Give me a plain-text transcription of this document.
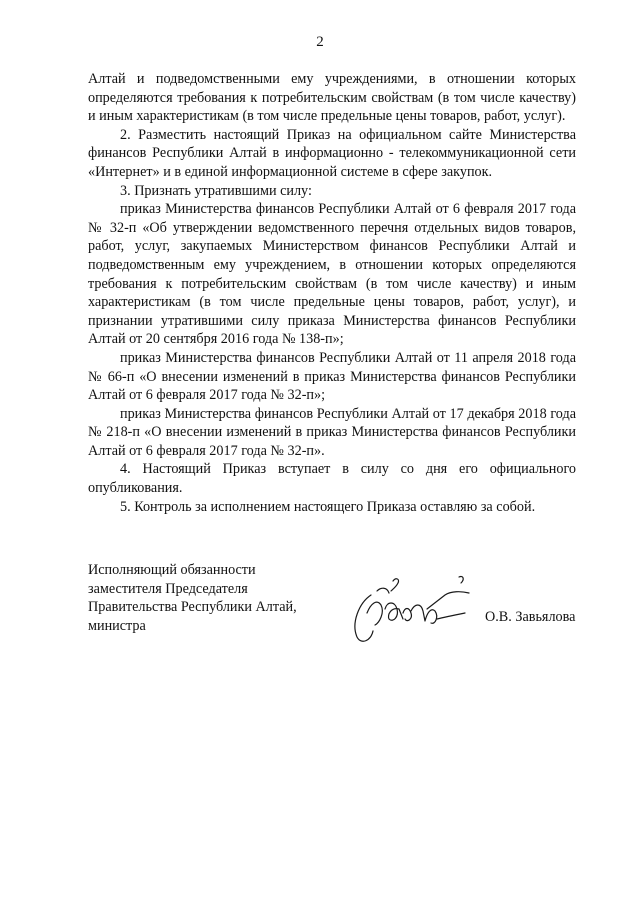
2

Алтай и подведомственными ему учреждениями, в отношении которых определяются требования к потребительским свойствам (в том числе качеству) и иным характеристикам (в том числе предельные цены товаров, работ, услуг).

2. Разместить настоящий Приказ на официальном сайте Министерства финансов Республики Алтай в информационно - телекоммуникационной сети «Интернет» и в единой информационной системе в сфере закупок.

3. Признать утратившими силу:

приказ Министерства финансов Республики Алтай от 6 февраля 2017 года № 32-п «Об утверждении ведомственного перечня отдельных видов товаров, работ, услуг, закупаемых Министерством финансов Республики Алтай и подведомственным ему учреждением, в отношении которых определяются требования к потребительским свойствам (в том числе качеству) и иным характеристикам (в том числе предельные цены товаров, работ, услуг), и признании утратившими силу приказа Министерства финансов Республики Алтай от 20 сентября 2016 года № 138-п»;

приказ Министерства финансов Республики Алтай от 11 апреля 2018 года № 66-п «О внесении изменений в приказ Министерства финансов Республики Алтай от 6 февраля 2017 года № 32-п»;

приказ Министерства финансов Республики Алтай от 17 декабря 2018 года № 218-п «О внесении изменений в приказ Министерства финансов Республики Алтай от 6 февраля 2017 года № 32-п».

4. Настоящий Приказ вступает в силу со дня его официального опубликования.

5. Контроль за исполнением настоящего Приказа оставляю за собой.

Исполняющий обязанности
заместителя Председателя
Правительства Республики Алтай,
министра
О.В. Завьялова
